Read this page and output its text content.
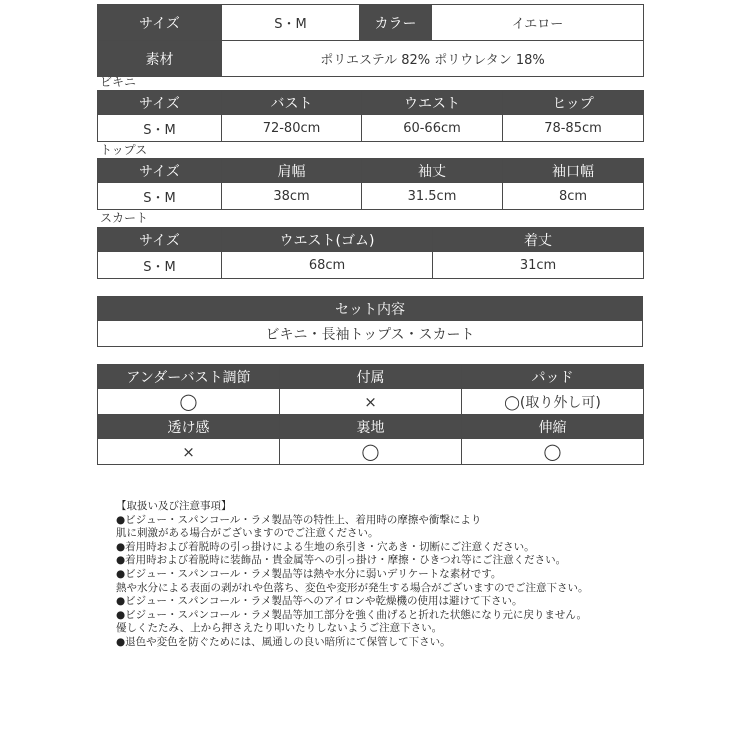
サイズ	S・M	カラー	イエロー
素材	ポリエステル 82% ポリウレタン 18%		
ビキニ
サイズ	バスト	ウエスト	ヒップ
S・M	72-80cm	60-66cm	78-85cm
トップス
サイズ	肩幅	袖丈	袖口幅
S・M	38cm	31.5cm	8cm
スカート
サイズ	ウエスト(ゴム)	着丈
S・M	68cm	31cm
セット内容
ビキニ・長袖トップス・スカート
アンダーバスト調節	付属	パッド
◯	×	◯(取り外し可)
透け感	裏地	伸縮
×	◯	◯
【取扱い及び注意事項】
●ビジュー・スパンコール・ラメ製品等の特性上、着用時の摩擦や衝撃により
肌に刺激がある場合がございますのでご注意ください。
●着用時および着脱時の引っ掛けによる生地の糸引き・穴あき・切断にご注意ください。
●着用時および着脱時に装飾品・貴金属等への引っ掛け・摩擦・ひきつれ等にご注意ください。
●ビジュー・スパンコール・ラメ製品等は熱や水分に弱いデリケートな素材です。
熱や水分による表面の剥がれや色落ち、変色や変形が発生する場合がございますのでご注意下さい。
●ビジュー・スパンコール・ラメ製品等へのアイロンや乾燥機の使用は避けて下さい。
●ビジュー・スパンコール・ラメ製品等加工部分を強く曲げると折れた状態になり元に戻りません。
優しくたたみ、上から押さえたり叩いたりしないようご注意下さい。
●退色や変色を防ぐためには、風通しの良い暗所にて保管して下さい。
